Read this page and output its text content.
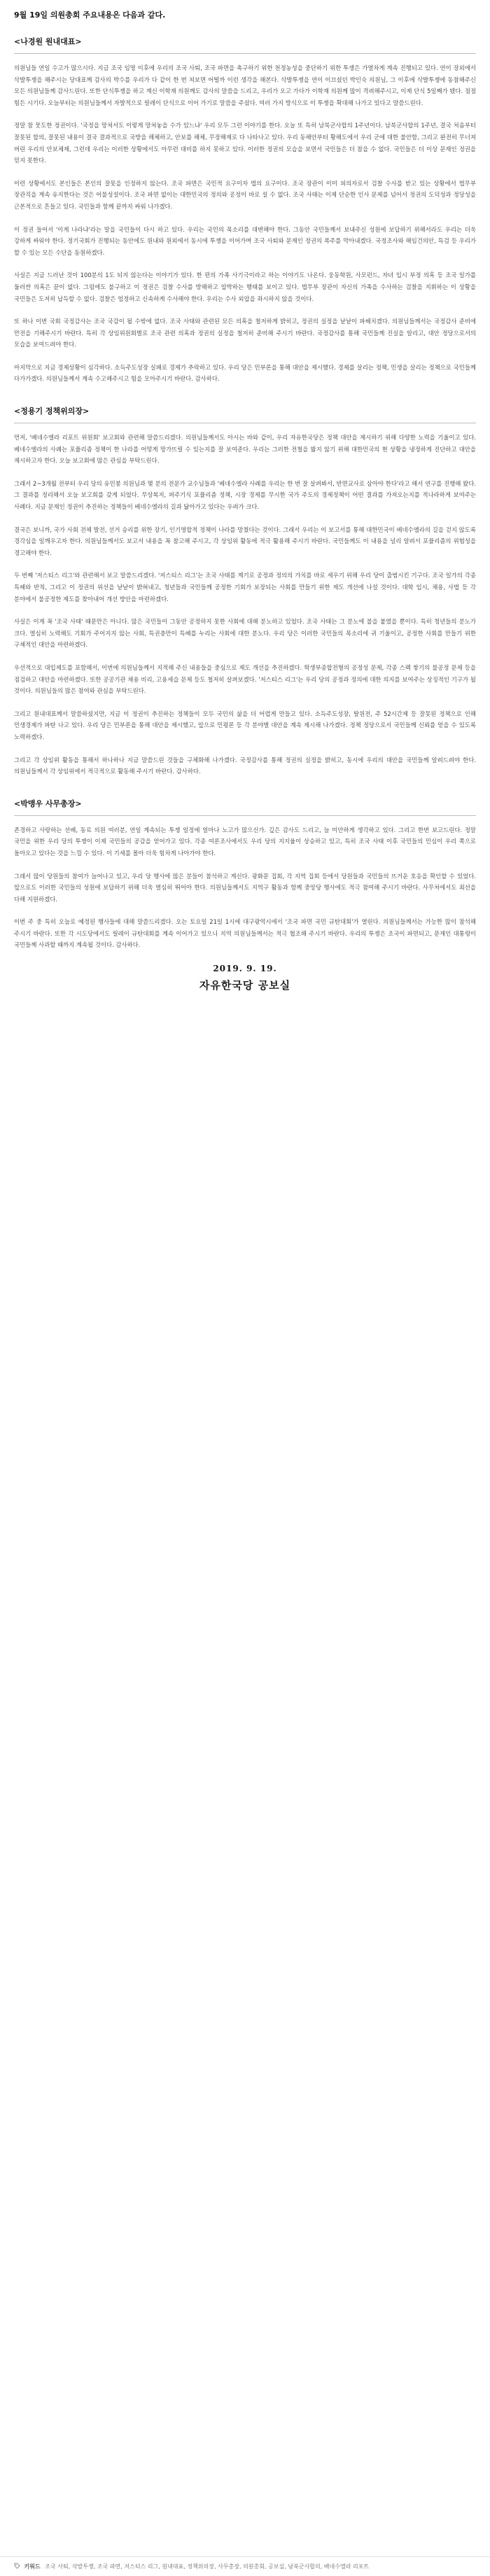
9월 19일 의원총회 주요내용은 다음과 같다.
<나경원 원내대표>

의원님들 연일 수고가 많으시다. 지금 조국 임명 이후에 우리의 조국 사퇴, 조국 파면을 촉구하기 위한 천정농성을 중단하기 위한 투쟁은 가열차게 계속 진행되고 있다. 연이 장외에서 삭발투쟁을 해주시는 당대표께 감사의 박수를 우리가 다 같이 한 번 쳐보면 어떨까 이런 생각을 해본다. 삭발투쟁을 연이 이끄셨던 박인숙 의원님, 그 이후에 삭발투쟁에 동참해주신 모든 의원님들께 감사드린다. 또한 단식투쟁을 하고 계신 이학재 의원께도 감사의 말씀을 드리고, 우리가 오고 가다가 이학재 의원께 많이 격려해주시고, 이제 단식 5일째가 됐다. 점점 힘든 시기다. 오늘부터는 의원님들께서 자발적으로 릴레이 단식으로 이어 가기로 말씀을 주셨다. 여러 가지 방식으로 이 투쟁을 확대해 나가고 있다고 말씀드린다.

정말 참 뭇도한 정권이다. '국정을 망쳐서도 이렇게 망쳐놓을 수가 있느냐' 우리 모두 그런 이야기를 한다. 오늘 또 특히 남북군사합의 1주년이다. 남북군사합의 1주년, 결국 처음부터 잘못된 합의, 잘못된 내용이 결국 결과적으로 국방을 해체하고, 안보를 해체, 무장해제로 다 나타나고 있다. 우리 동해안부터 황해도에서 우리 군에 대한 불안함, 그리고 완전히 무너져 버린 우리의 안보체제, 그런데 우리는 이러한 상황에서도 아무런 대비를 하지 못하고 있다. 이러한 정권의 모습을 보면서 국민들은 더 참을 수 없다. 국민들은 더 이상 문재인 정권을 믿지 못한다.

이런 상황에서도 본인들은 본인의 잘못을 인정하지 않는다. 조국 파면은 국민적 요구이자 법의 요구이다. 조국 장관이 이미 피의자로서 검찰 수사를 받고 있는 상황에서 법무부 장관직을 계속 유지한다는 것은 어불성설이다. 조국 파면 없이는 대한민국의 정의와 공정이 바로 설 수 없다. 조국 사태는 이제 단순한 인사 문제를 넘어서 정권의 도덕성과 정당성을 근본적으로 흔들고 있다. 국민들과 함께 끝까지 싸워 나가겠다.

이 정권 들어서 '이게 나라냐'라는 말을 국민들이 다시 하고 있다. 우리는 국민의 목소리를 대변해야 한다. 그동안 국민들께서 보내주신 성원에 보답하기 위해서라도 우리는 더욱 강하게 싸워야 한다. 정기국회가 진행되는 동안에도 원내와 원외에서 동시에 투쟁을 이어가며 조국 사퇴와 문재인 정권의 폭주를 막아내겠다. 국정조사와 해임건의안, 특검 등 우리가 할 수 있는 모든 수단을 동원하겠다.

사실은 지금 드러난 것이 100분의 1도 되지 않는다는 이야기가 있다. 한 편의 가족 사기극이라고 하는 이야기도 나온다. 웅동학원, 사모펀드, 자녀 입시 부정 의혹 등 조국 일가를 둘러싼 의혹은 끝이 없다. 그럼에도 불구하고 이 정권은 검찰 수사를 방해하고 압박하는 행태를 보이고 있다. 법무부 장관이 자신의 가족을 수사하는 검찰을 지휘하는 이 상황을 국민들은 도저히 납득할 수 없다. 검찰은 엄정하고 신속하게 수사해야 한다. 우리는 수사 외압을 좌시하지 않을 것이다.

또 하나 이번 국회 국정감사는 조국 국감이 될 수밖에 없다. 조국 사태와 관련된 모든 의혹을 철저하게 밝히고, 정권의 실정을 낱낱이 파헤치겠다. 의원님들께서는 국정감사 준비에 만전을 기해주시기 바란다. 특히 각 상임위원회별로 조국 관련 의혹과 정권의 실정을 철저히 준비해 주시기 바란다. 국정감사를 통해 국민들께 진실을 알리고, 대안 정당으로서의 모습을 보여드려야 한다.

마지막으로 지금 경제상황이 심각하다. 소득주도성장 실패로 경제가 추락하고 있다. 우리 당은 민부론을 통해 대안을 제시했다. 경제를 살리는 정책, 민생을 살리는 정책으로 국민들께 다가가겠다. 의원님들께서 계속 수고해주시고 힘을 모아주시기 바란다. 감사하다.

<정용기 정책위의장>

먼저, '베네수엘라 리포트 위원회' 보고회와 관련해 말씀드리겠다. 의원님들께서도 아시는 바와 같이, 우리 자유한국당은 정책 대안을 제시하기 위해 다양한 노력을 기울이고 있다. 베네수엘라의 사례는 포퓰리즘 정책이 한 나라를 어떻게 망가뜨릴 수 있는지를 잘 보여준다. 우리는 그러한 전철을 밟지 않기 위해 대한민국의 현 상황을 냉정하게 진단하고 대안을 제시하고자 한다. 오늘 보고회에 많은 관심을 부탁드린다.

그래서 2~3개월 전부터 우리 당의 유민봉 의원님과 몇 분의 전문가 교수님들과 '베네수엘라 사례를 우리는 한 번 잘 살펴봐서, 반면교사로 삼아야 한다'라고 해서 연구를 진행해 왔다. 그 결과를 정리해서 오늘 보고회를 갖게 되었다. 무상복지, 퍼주기식 포퓰리즘 정책, 시장 경제를 무시한 국가 주도의 경제정책이 어떤 결과를 가져오는지를 적나라하게 보여주는 사례다. 지금 문재인 정권이 추진하는 정책들이 베네수엘라의 길과 닮아가고 있다는 우려가 크다.

결국은 보니까, 국가 사회 전체 발전, 선거 승리를 위한 장기, 인기영합적 정책이 나라를 망쳤다는 것이다. 그래서 우리는 이 보고서를 통해 대한민국이 베네수엘라의 길을 걷지 않도록 경각심을 일깨우고자 한다. 의원님들께서도 보고서 내용을 꼭 참고해 주시고, 각 상임위 활동에 적극 활용해 주시기 바란다. 국민들께도 이 내용을 널리 알려서 포퓰리즘의 위험성을 경고해야 한다.

두 번째 '저스티스 리그'와 관련해서 보고 말씀드리겠다. '저스티스 리그'는 조국 사태를 계기로 공정과 정의의 가치를 바로 세우기 위해 우리 당이 출범시킨 기구다. 조국 일가의 각종 특혜와 반칙, 그리고 이 정권의 위선을 낱낱이 밝혀내고, 청년들과 국민들께 공정한 기회가 보장되는 사회를 만들기 위한 제도 개선에 나설 것이다. 대학 입시, 채용, 사법 등 각 분야에서 불공정한 제도를 찾아내어 개선 방안을 마련하겠다.

사실은 이게 꼭 '조국 사태' 때문만은 아니다. 많은 국민들이 그동안 공정하지 못한 사회에 대해 분노하고 있었다. 조국 사태는 그 분노에 불을 붙였을 뿐이다. 특히 청년들의 분노가 크다. 열심히 노력해도 기회가 주어지지 않는 사회, 특권층만이 특혜를 누리는 사회에 대한 분노다. 우리 당은 이러한 국민들의 목소리에 귀 기울이고, 공정한 사회를 만들기 위한 구체적인 대안을 마련하겠다.

우선적으로 대입제도를 포함해서, 이번에 의원님들께서 지적해 주신 내용들을 중심으로 제도 개선을 추진하겠다. 학생부종합전형의 공정성 문제, 각종 스펙 쌓기의 불공정 문제 등을 점검하고 대안을 마련하겠다. 또한 공공기관 채용 비리, 고용세습 문제 등도 철저히 살펴보겠다. '저스티스 리그'는 우리 당의 공정과 정의에 대한 의지를 보여주는 상징적인 기구가 될 것이다. 의원님들의 많은 참여와 관심을 부탁드린다.

그리고 원내대표께서 말씀하셨지만, 지금 이 정권이 추진하는 정책들이 모두 국민의 삶을 더 어렵게 만들고 있다. 소득주도성장, 탈원전, 주 52시간제 등 잘못된 정책으로 인해 민생경제가 파탄 나고 있다. 우리 당은 민부론을 통해 대안을 제시했고, 앞으로 민평론 등 각 분야별 대안을 계속 제시해 나가겠다. 정책 정당으로서 국민들께 신뢰를 얻을 수 있도록 노력하겠다.

그리고 각 상임위 활동을 통해서 하나하나 지금 말씀드린 것들을 구체화해 나가겠다. 국정감사를 통해 정권의 실정을 밝히고, 동시에 우리의 대안을 국민들께 알려드려야 한다. 의원님들께서 각 상임위에서 적극적으로 활동해 주시기 바란다. 감사하다.

<박맹우 사무총장>

존경하고 사랑하는 선배, 동료 의원 여러분, 연일 계속되는 투쟁 일정에 얼마나 노고가 많으신가. 깊은 감사도 드리고, 늘 미안하게 생각하고 있다. 그리고 한번 보고드린다. 정말 국민을 위한 우리 당의 투쟁이 이제 국민들의 공감을 얻어가고 있다. 각종 여론조사에서도 우리 당의 지지율이 상승하고 있고, 특히 조국 사태 이후 국민들의 민심이 우리 쪽으로 돌아오고 있다는 것을 느낄 수 있다. 이 기세를 몰아 더욱 힘차게 나아가야 한다.

그래서 많이 당원들의 참여가 늘어나고 있고, 우리 당 행사에 많은 분들이 참석하고 계신다. 광화문 집회, 각 지역 집회 등에서 당원들과 국민들의 뜨거운 호응을 확인할 수 있었다. 앞으로도 이러한 국민들의 성원에 보답하기 위해 더욱 열심히 뛰어야 한다. 의원님들께서도 지역구 활동과 함께 중앙당 행사에도 적극 참여해 주시기 바란다. 사무처에서도 최선을 다해 지원하겠다.

이번 주 중 특히 오늘로 예정된 행사들에 대해 말씀드리겠다. 오는 토요일 21일 1시에 대구광역시에서 '조국 파면 국민 규탄대회'가 열린다. 의원님들께서는 가능한 많이 참석해 주시기 바란다. 또한 각 시도당에서도 릴레이 규탄대회를 계속 이어가고 있으니 지역 의원님들께서는 적극 협조해 주시기 바란다. 우리의 투쟁은 조국이 파면되고, 문재인 대통령이 국민들께 사과할 때까지 계속될 것이다. 감사하다.

2019. 9. 19.
자유한국당 공보실
키워드 조국 사퇴, 삭발투쟁, 조국 파면, 저스티스 리그, 원내대표, 정책위의장, 사무총장, 의원총회, 공보실, 남북군사합의, 베네수엘라 리포트
